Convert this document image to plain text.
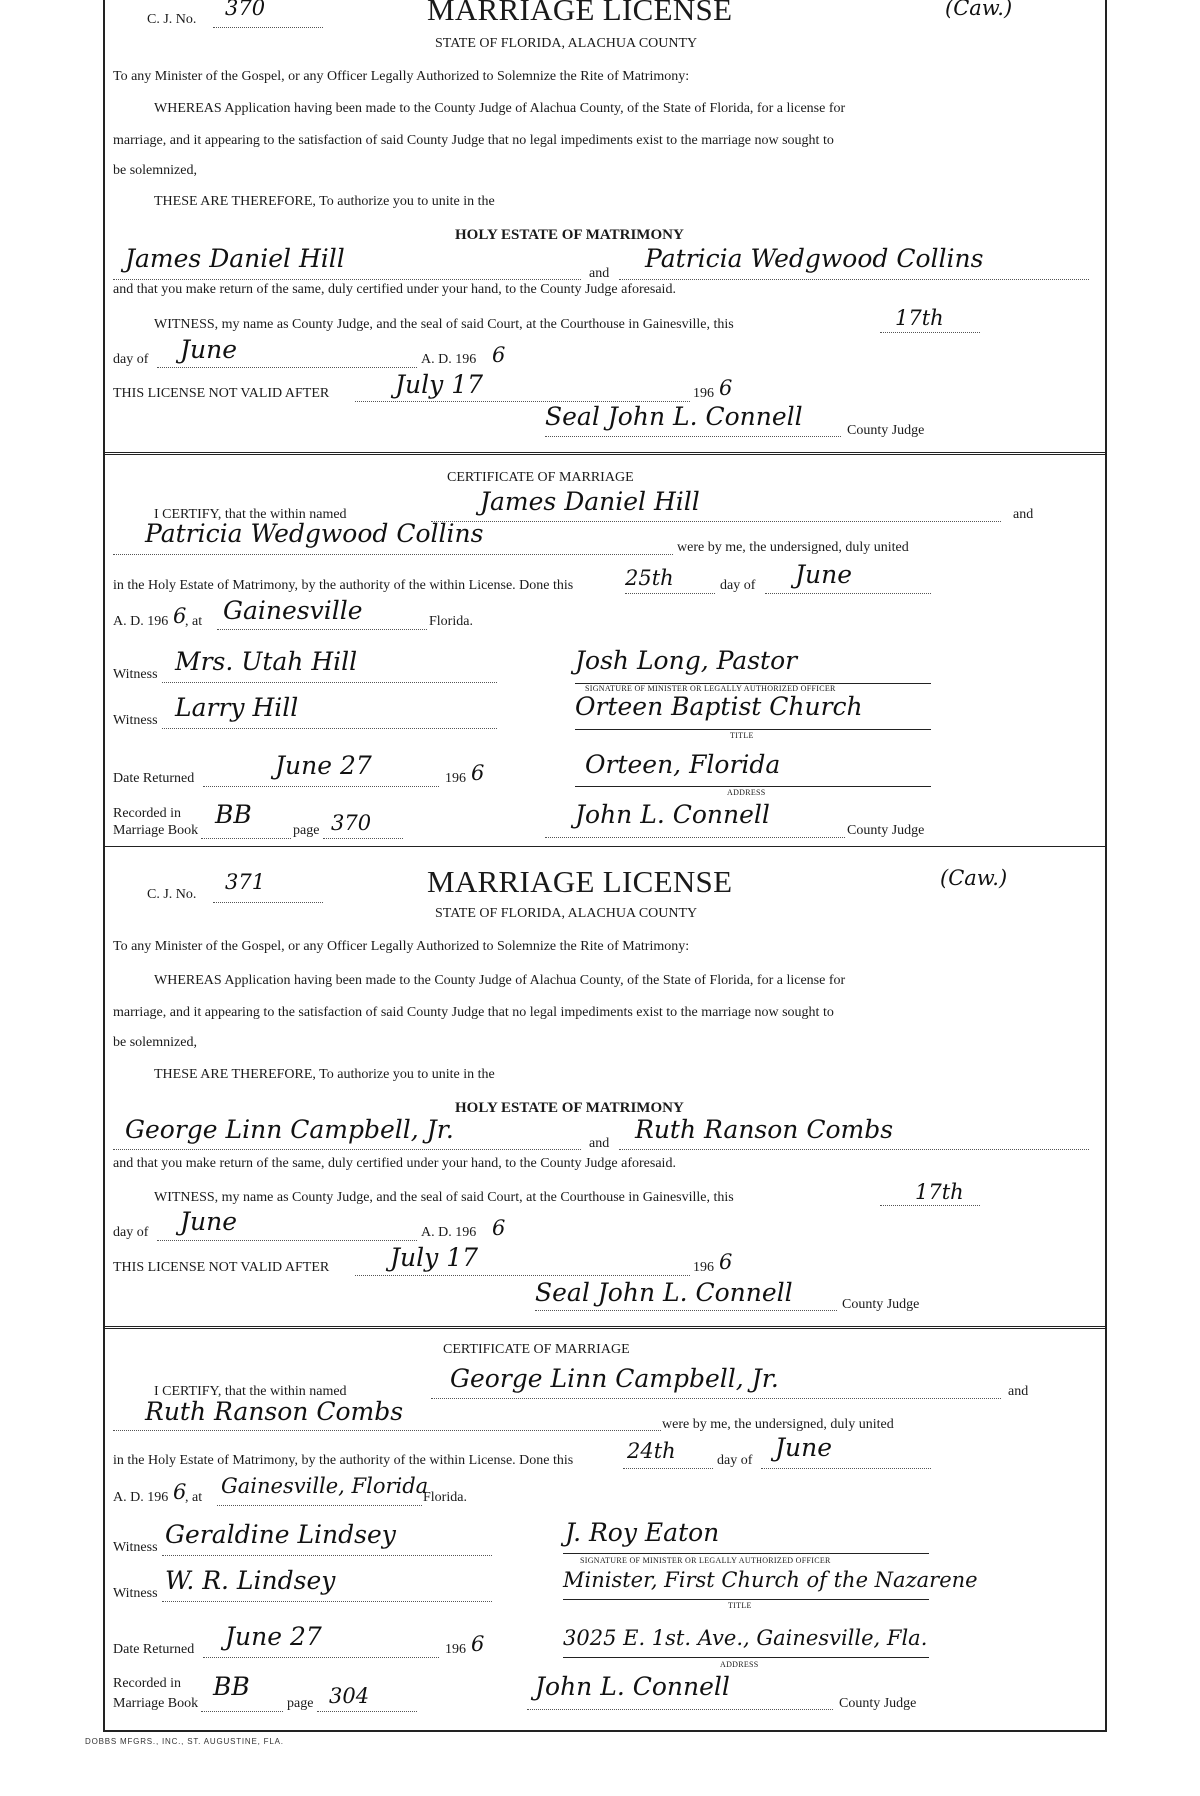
C. J. No. 370	MARRIAGE LICENSE
STATE OF FLORIDA, ALACHUA COUNTY
(Caw.)
To any Minister of the Gospel, or any Officer Legally Authorized to Solemnize the Rite of Matrimony:
WHEREAS Application having been made to the County Judge of Alachua County, of the State of Florida, for a license for
marriage, and it appearing to the satisfaction of said County Judge that no legal impediments exist to the marriage now sought to
be solemnized,
THESE ARE THEREFORE, To authorize you to unite in the
HOLY ESTATE OF MATRIMONY
James Daniel Hill
and
Patricia Wedgwood Collins
and that you make return of the same, duly certified under your hand, to the County Judge aforesaid.
WITNESS, my name as County Judge, and the seal of said Court, at the Courthouse in Gainesville, this	17th
day of June	A. D. 196 6
THIS LICENSE NOT VALID AFTER	July 17	196 6
Seal John L. Connell	County Judge
CERTIFICATE OF MARRIAGE
I CERTIFY, that the within named	James Daniel Hill	and
Patricia Wedgwood Collins	were by me, the undersigned, duly united
in the Holy Estate of Matrimony, by the authority of the within License. Done this 25th	day of June
A. D. 196 6
, at Gainesville	Florida.
Witness Mrs. Utah Hill	Josh Long, Pastor
SIGNATURE OF MINISTER OR LEGALLY AUTHORIZED OFFICER
Witness Larry Hill	Orteen Baptist Church
TITLE
Date Returned	June 27	196 6	Orteen, Florida
ADDRESS
Recorded in
Marriage Book
BB
page 370	John L. Connell
County Judge
C. J. No.
371	MARRIAGE LICENSE
STATE OF FLORIDA, ALACHUA COUNTY
(Caw.)
To any Minister of the Gospel, or any Officer Legally Authorized to Solemnize the Rite of Matrimony:
WHEREAS Application having been made to the County Judge of Alachua County, of the State of Florida, for a license for
marriage, and it appearing to the satisfaction of said County Judge that no legal impediments exist to the marriage now sought to
be solemnized,
THESE ARE THEREFORE, To authorize you to unite in the
HOLY ESTATE OF MATRIMONY
George Linn Campbell, Jr.	and Ruth Ranson Combs
and that you make return of the same, duly certified under your hand, to the County Judge aforesaid.
WITNESS, my name as County Judge, and the seal of said Court, at the Courthouse in Gainesville, this	17th
day of June	A. D. 196 6
THIS LICENSE NOT VALID AFTER July 17	196 6
Seal John L. Connell	County Judge
CERTIFICATE OF MARRIAGE
I CERTIFY, that the within named	George Linn Campbell, Jr.	and
Ruth Ranson Combs	were by me, the undersigned, duly united
in the Holy Estate of Matrimony, by the authority of the within License. Done this	24th	day of June
A. D. 196 6
, at Gainesville, Florida
Florida.
Witness Geraldine Lindsey	J. Roy Eaton
SIGNATURE OF MINISTER OR LEGALLY AUTHORIZED OFFICER
Witness W. R. Lindsey	Minister, First Church of the Nazarene
TITLE
Date Returned June 27	196 6	3025 E. 1st. Ave., Gainesville, Fla.
ADDRESS
Recorded in
Marriage Book
BB
page 304	John L. Connell
County Judge
DOBBS MFGRS., INC., ST. AUGUSTINE, FLA.
